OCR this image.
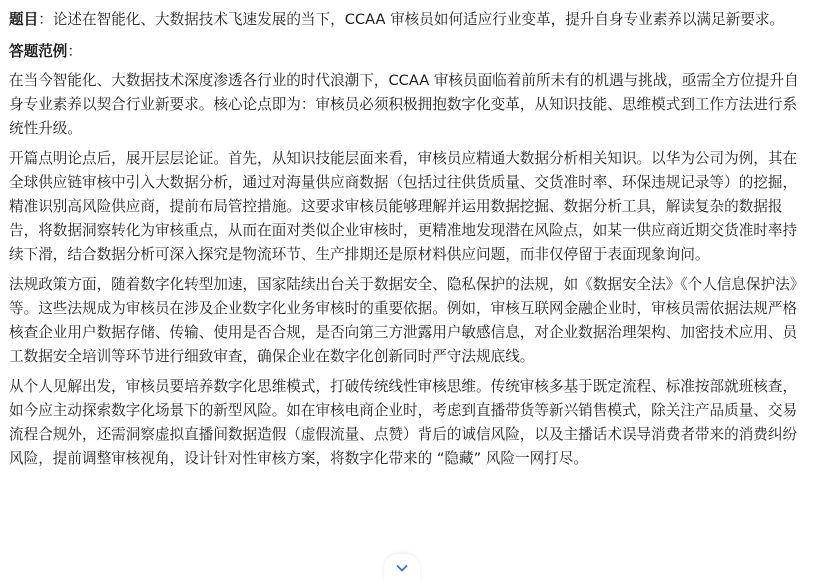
题目：论述在智能化、大数据技术飞速发展的当下，CCAA 审核员如何适应行业变革，提升自身专业素养以满足新要求。

答题范例：

在当今智能化、大数据技术深度渗透各行业的时代浪潮下，CCAA 审核员面临着前所未有的机遇与挑战，亟需全方位提升自身专业素养以契合行业新要求。核心论点即为：审核员必须积极拥抱数字化变革，从知识技能、思维模式到工作方法进行系统性升级。

开篇点明论点后，展开层层论证。首先，从知识技能层面来看，审核员应精通大数据分析相关知识。以华为公司为例，其在全球供应链审核中引入大数据分析，通过对海量供应商数据（包括过往供货质量、交货准时率、环保违规记录等）的挖掘，精准识别高风险供应商，提前布局管控措施。这要求审核员能够理解并运用数据挖掘、数据分析工具，解读复杂的数据报告，将数据洞察转化为审核重点，从而在面对类似企业审核时，更精准地发现潜在风险点，如某一供应商近期交货准时率持续下滑，结合数据分析可深入探究是物流环节、生产排期还是原材料供应问题，而非仅停留于表面现象询问。

法规政策方面，随着数字化转型加速，国家陆续出台关于数据安全、隐私保护的法规，如《数据安全法》《个人信息保护法》等。这些法规成为审核员在涉及企业数字化业务审核时的重要依据。例如，审核互联网金融企业时，审核员需依据法规严格核查企业用户数据存储、传输、使用是否合规，是否向第三方泄露用户敏感信息，对企业数据治理架构、加密技术应用、员工数据安全培训等环节进行细致审查，确保企业在数字化创新同时严守法规底线。

从个人见解出发，审核员要培养数字化思维模式，打破传统线性审核思维。传统审核多基于既定流程、标准按部就班核查，如今应主动探索数字化场景下的新型风险。如在审核电商企业时，考虑到直播带货等新兴销售模式，除关注产品质量、交易流程合规外，还需洞察虚拟直播间数据造假（虚假流量、点赞）背后的诚信风险，以及主播话术误导消费者带来的消费纠纷风险，提前调整审核视角，设计针对性审核方案，将数字化带来的 “隐藏” 风险一网打尽。
